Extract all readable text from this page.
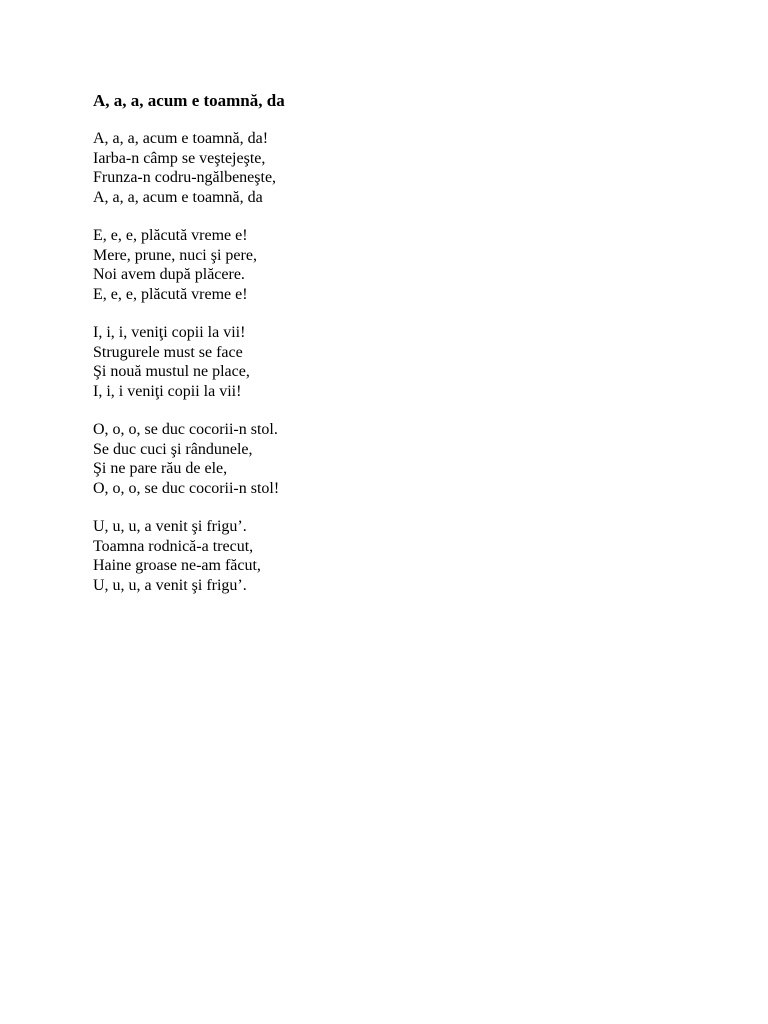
A, a, a, acum e toamnă, da
A, a, a, acum e toamnă, da!
Iarba-n câmp se veştejeşte,
Frunza-n codru-ngălbeneşte,
A, a, a, acum e toamnă, da
E, e, e, plăcută vreme e!
Mere, prune, nuci şi pere,
Noi avem după plăcere.
E, e, e, plăcută vreme e!
I, i, i, veniţi copii la vii!
Strugurele must se face
Şi nouă mustul ne place,
I, i, i veniţi copii la vii!
O, o, o, se duc cocorii-n stol.
Se duc cuci şi rândunele,
Şi ne pare rău de ele,
O, o, o, se duc cocorii-n stol!
U, u, u, a venit şi frigu’.
Toamna rodnică-a trecut,
Haine groase ne-am făcut,
U, u, u, a venit şi frigu’.
